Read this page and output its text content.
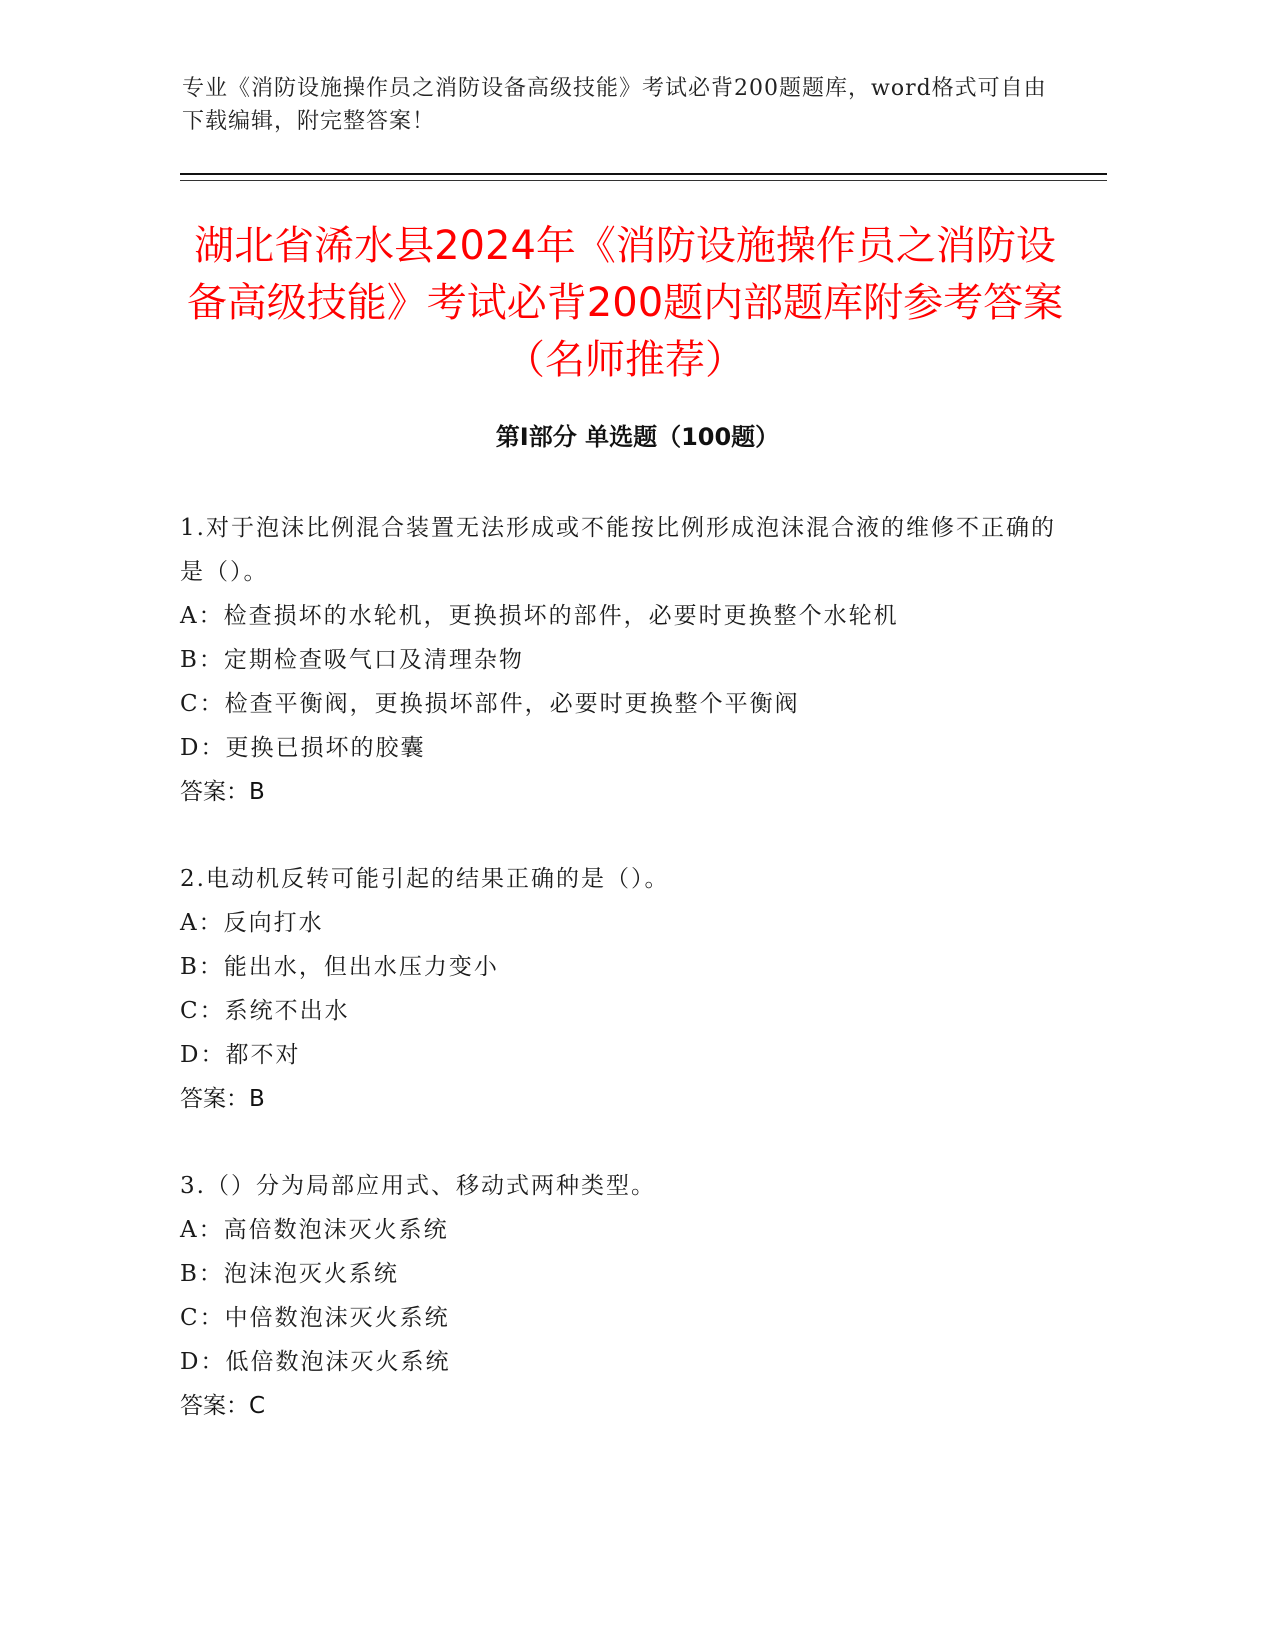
专业《消防设施操作员之消防设备高级技能》考试必背200题题库，word格式可自由下载编辑，附完整答案！
湖北省浠水县2024年《消防设施操作员之消防设备高级技能》考试必背200题内部题库附参考答案（名师推荐）
第Ⅰ部分 单选题（100题）
1.对于泡沫比例混合装置无法形成或不能按比例形成泡沫混合液的维修不正确的是（）。
A：检查损坏的水轮机，更换损坏的部件，必要时更换整个水轮机
B：定期检查吸气口及清理杂物
C：检查平衡阀，更换损坏部件，必要时更换整个平衡阀
D：更换已损坏的胶囊
答案：B
2.电动机反转可能引起的结果正确的是（）。
A：反向打水
B：能出水，但出水压力变小
C：系统不出水
D：都不对
答案：B
3.（）分为局部应用式、移动式两种类型。
A：高倍数泡沫灭火系统
B：泡沫泡灭火系统
C：中倍数泡沫灭火系统
D：低倍数泡沫灭火系统
答案：C
